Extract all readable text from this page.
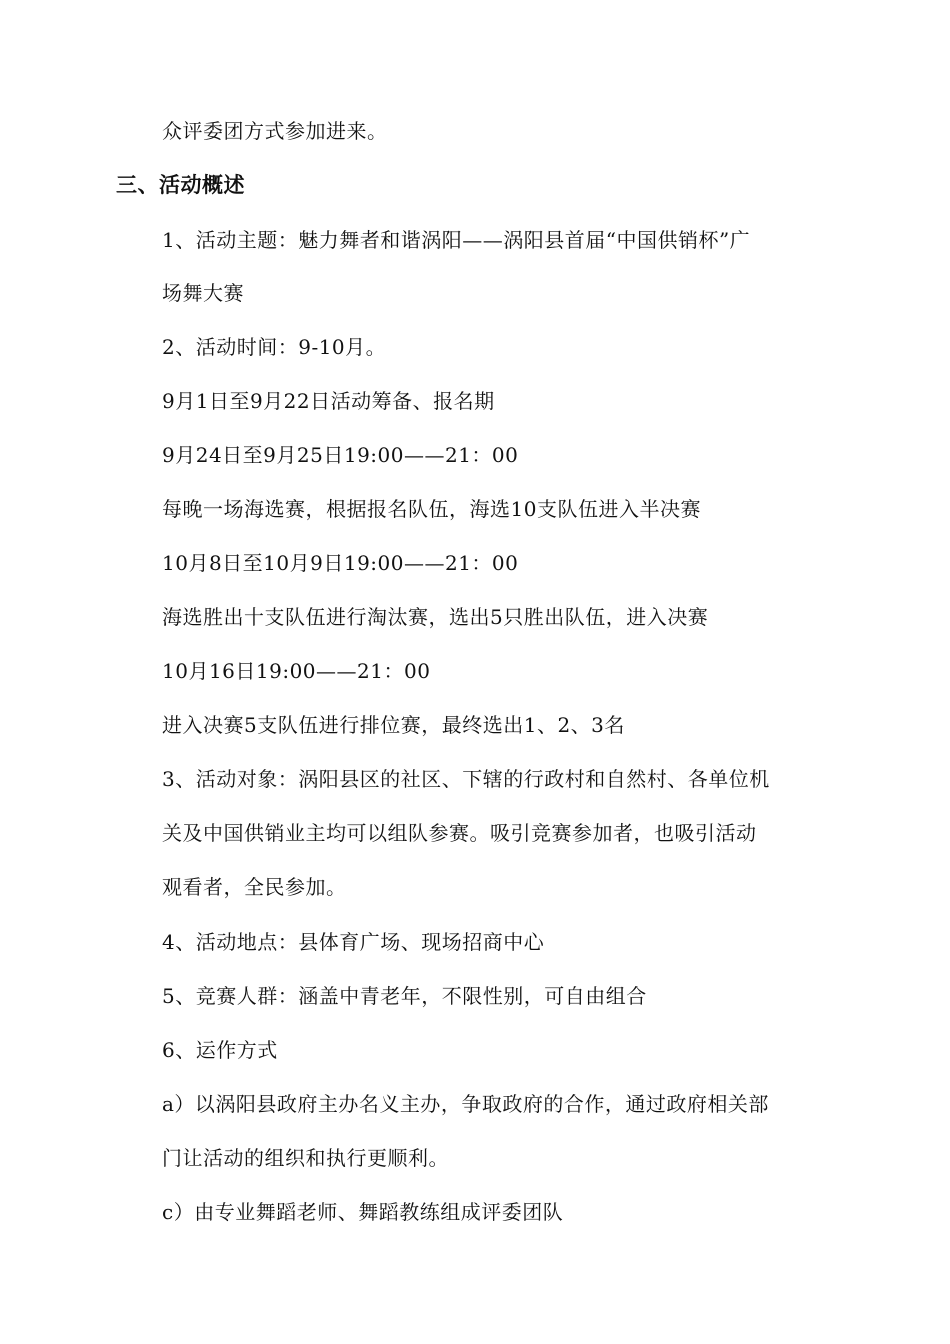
众评委团方式参加进来。
三、活动概述
1、活动主题：魅力舞者和谐涡阳——涡阳县首届“中国供销杯”广
场舞大赛
2、活动时间：9-10月。
9月1日至9月22日活动筹备、报名期
9月24日至9月25日19:00——21：00
每晚一场海选赛，根据报名队伍，海选10支队伍进入半决赛
10月8日至10月9日19:00——21：00
海选胜出十支队伍进行淘汰赛，选出5只胜出队伍，进入决赛
10月16日19:00——21：00
进入决赛5支队伍进行排位赛，最终选出1、2、3名
3、活动对象：涡阳县区的社区、下辖的行政村和自然村、各单位机
关及中国供销业主均可以组队参赛。吸引竞赛参加者，也吸引活动
观看者，全民参加。
4、活动地点：县体育广场、现场招商中心
5、竞赛人群：涵盖中青老年，不限性别，可自由组合
6、运作方式
a）以涡阳县政府主办名义主办，争取政府的合作，通过政府相关部
门让活动的组织和执行更顺利。
c）由专业舞蹈老师、舞蹈教练组成评委团队
